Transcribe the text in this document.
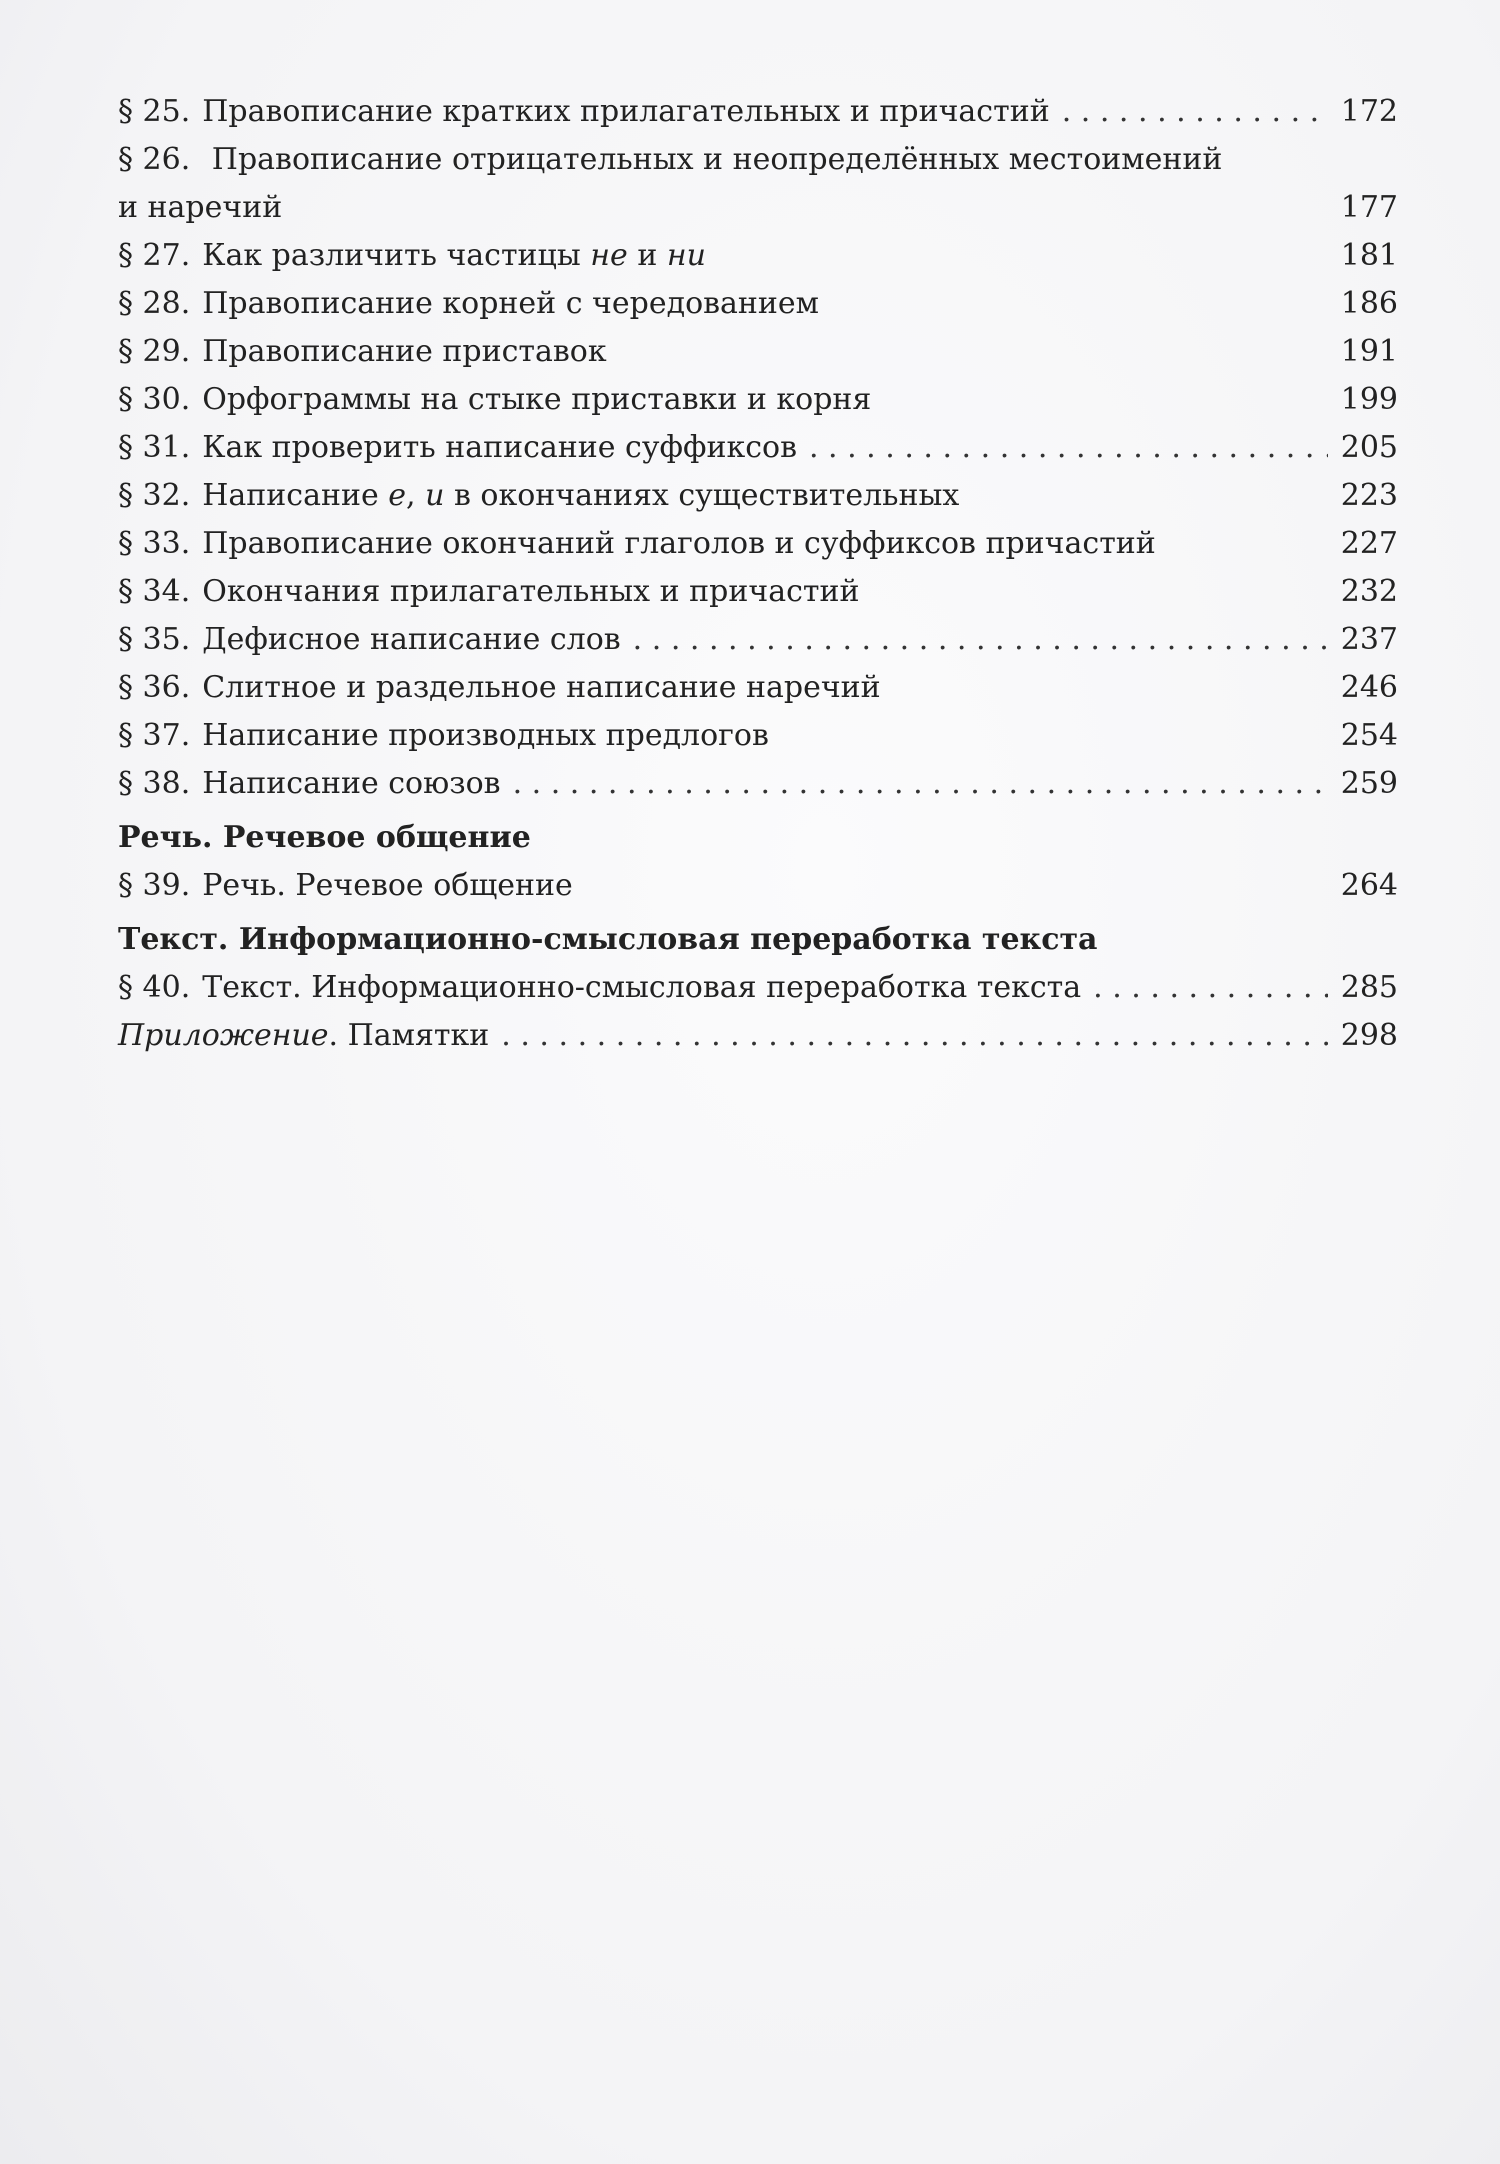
§ 25. Правописание кратких прилагательных и причастий . . .	172
§ 26. Правописание отрицательных и неопределённых местоимений
и наречий	177
§ 27. Как различить частицы не и ни	181
§ 28. Правописание корней с чередованием	186
§ 29. Правописание приставок	191
§ 30. Орфограммы на стыке приставки и корня	199
§ 31. Как проверить написание суффиксов . . .	205
§ 32. Написание е, и в окончаниях существительных	223
§ 33. Правописание окончаний глаголов и суффиксов причастий	227
§ 34. Окончания прилагательных и причастий	232
§ 35. Дефисное написание слов . . .	237
§ 36. Слитное и раздельное написание наречий	246
§ 37. Написание производных предлогов	254
§ 38. Написание союзов . . .	259
Речь. Речевое общение
§ 39. Речь. Речевое общение	264
Текст. Информационно-смысловая переработка текста
§ 40. Текст. Информационно-смысловая переработка текста . . .	285
Приложение. Памятки . . .	298
